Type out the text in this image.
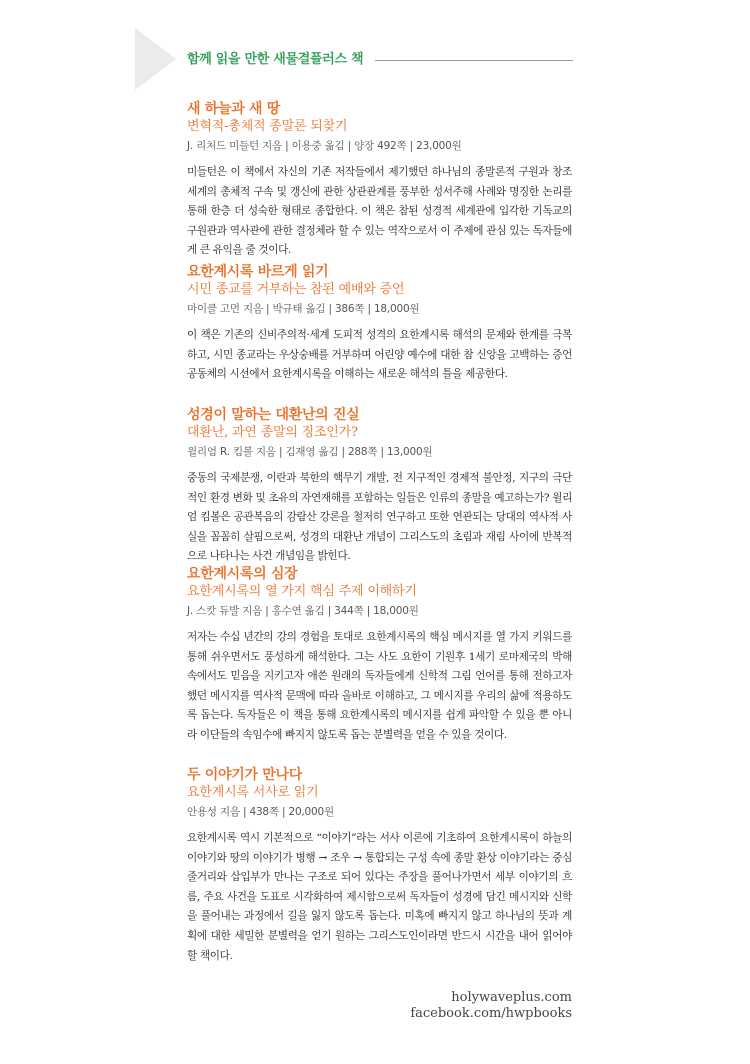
함께 읽을 만한 새물결플러스 책
새 하늘과 새 땅
변혁적-총체적 종말론 되찾기
J. 리처드 미들턴 지음 | 이용중 옮김 | 양장 492쪽 | 23,000원
미들턴은 이 책에서 자신의 기존 저작들에서 제기했던 하나님의 종말론적 구원과 창조세계의 총체적 구속 및 갱신에 관한 상관관계를 풍부한 성서주해 사례와 명징한 논리를 통해 한층 더 성숙한 형태로 종합한다. 이 책은 참된 성경적 세계관에 입각한 기독교의 구원관과 역사관에 관한 결정체라 할 수 있는 역작으로서 이 주제에 관심 있는 독자들에게 큰 유익을 줄 것이다.
요한계시록 바르게 읽기
시민 종교를 거부하는 참된 예배와 증언
마이클 고먼 지음 | 박규태 옮김 | 386쪽 | 18,000원
이 책은 기존의 신비주의적·세계 도피적 성격의 요한계시록 해석의 문제와 한계를 극복하고, 시민 종교라는 우상숭배를 거부하며 어린양 예수에 대한 참 신앙을 고백하는 증언 공동체의 시선에서 요한계시록을 이해하는 새로운 해석의 틀을 제공한다.
성경이 말하는 대환난의 진실
대환난, 과연 종말의 징조인가?
윌리엄 R. 킴볼 지음 | 김재영 옮김 | 288쪽 | 13,000원
중동의 국제분쟁, 이란과 북한의 핵무기 개발, 전 지구적인 경제적 불안정, 지구의 극단적인 환경 변화 및 초유의 자연재해를 포함하는 일들은 인류의 종말을 예고하는가? 윌리엄 킴볼은 공관복음의 감람산 강론을 철저히 연구하고 또한 연관되는 당대의 역사적 사실을 꼼꼼히 살핌으로써, 성경의 대환난 개념이 그리스도의 초림과 재림 사이에 반복적으로 나타나는 사건 개념임을 밝힌다.
요한계시록의 심장
요한계시록의 열 가지 핵심 주제 이해하기
J. 스캇 듀발 지음 | 홍수연 옮김 | 344쪽 | 18,000원
저자는 수십 년간의 강의 경험을 토대로 요한계시록의 핵심 메시지를 열 가지 키워드를 통해 쉬우면서도 풍성하게 해석한다. 그는 사도 요한이 기원후 1세기 로마제국의 박해 속에서도 믿음을 지키고자 애쓴 원래의 독자들에게 신학적 그림 언어를 통해 전하고자 했던 메시지를 역사적 문맥에 따라 올바로 이해하고, 그 메시지를 우리의 삶에 적용하도록 돕는다. 독자들은 이 책을 통해 요한계시록의 메시지를 쉽게 파악할 수 있을 뿐 아니라 이단들의 속임수에 빠지지 않도록 돕는 분별력을 얻을 수 있을 것이다.
두 이야기가 만나다
요한계시록 서사로 읽기
안용성 지음 | 438쪽 | 20,000원
요한계시록 역시 기본적으로 “이야기”라는 서사 이론에 기초하여 요한계시록이 하늘의 이야기와 땅의 이야기가 병행 → 조우 → 통합되는 구성 속에 종말 환상 이야기라는 중심 줄거리와 삽입부가 만나는 구조로 되어 있다는 주장을 풀어나가면서 세부 이야기의 흐름, 주요 사건을 도표로 시각화하여 제시함으로써 독자들이 성경에 담긴 메시지와 신학을 풀어내는 과정에서 길을 잃지 않도록 돕는다. 미혹에 빠지지 않고 하나님의 뜻과 계획에 대한 세밀한 분별력을 얻기 원하는 그리스도인이라면 반드시 시간을 내어 읽어야 할 책이다.
holywaveplus.com
facebook.com/hwpbooks
